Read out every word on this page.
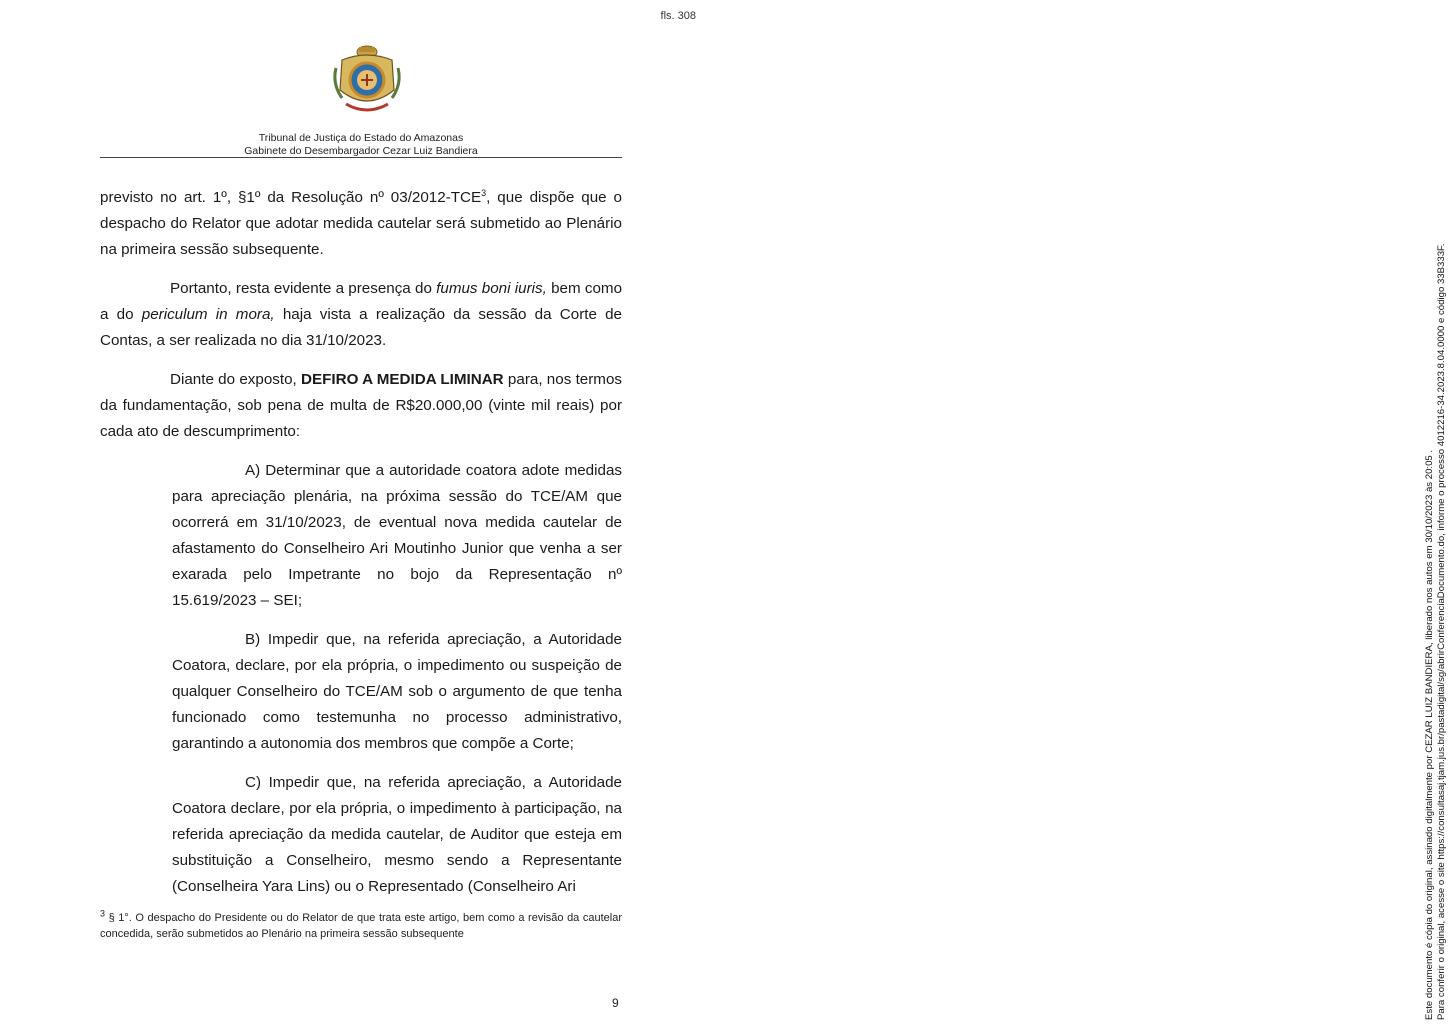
fls. 308
Tribunal de Justiça do Estado do Amazonas
Gabinete do Desembargador Cezar Luiz Bandiera

previsto no art. 1º, §1º da Resolução nº 03/2012-TCE$^3$, que dispõe que o despacho do Relator que adotar medida cautelar será submetido ao Plenário na primeira sessão subsequente.

Portanto, resta evidente a presença do fumus boni iuris, bem como a do periculum in mora, haja vista a realização da sessão da Corte de Contas, a ser realizada no dia 31/10/2023.

Diante do exposto, DEFIRO A MEDIDA LIMINAR para, nos termos da fundamentação, sob pena de multa de R$20.000,00 (vinte mil reais) por cada ato de descumprimento:

A) Determinar que a autoridade coatora adote medidas para apreciação plenária, na próxima sessão do TCE/AM que ocorrerá em 31/10/2023, de eventual nova medida cautelar de afastamento do Conselheiro Ari Moutinho Junior que venha a ser exarada pelo Impetrante no bojo da Representação nº 15.619/2023 – SEI;

B) Impedir que, na referida apreciação, a Autoridade Coatora, declare, por ela própria, o impedimento ou suspeição de qualquer Conselheiro do TCE/AM sob o argumento de que tenha funcionado como testemunha no processo administrativo, garantindo a autonomia dos membros que compõe a Corte;

C) Impedir que, na referida apreciação, a Autoridade Coatora declare, por ela própria, o impedimento à participação, na referida apreciação da medida cautelar, de Auditor que esteja em substituição a Conselheiro, mesmo sendo a Representante (Conselheira Yara Lins) ou o Representado (Conselheiro Ari

$^3$ § 1°. O despacho do Presidente ou do Relator de que trata este artigo, bem como a revisão da cautelar concedida, serão submetidos ao Plenário na primeira sessão subsequente
9	Este documento é cópia do original, assinado digitalmente por CEZAR LUIZ BANDIERA, liberado nos autos em 30/10/2023 às 20:05 . Para conferir o original, acesse o site https://consultasaj.tjam.jus.br/pastadigital/sg/abrirConferenciaDocumento.do, informe o processo 4012216-34.2023.8.04.0000 e código 33B333F.
